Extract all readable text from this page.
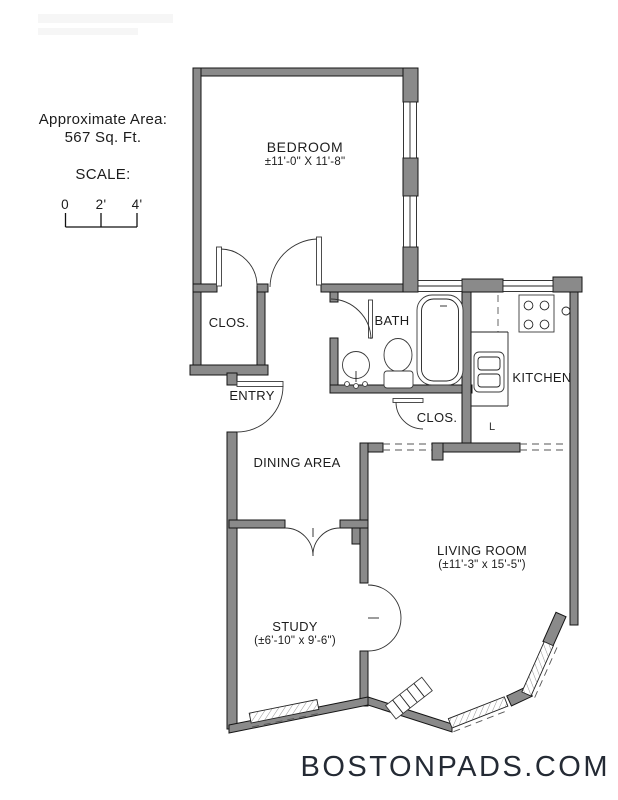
L
Approximate Area:
567 Sq. Ft.
SCALE:
0 2' 4'
BEDROOM
±11'-0" X 11'-8"
CLOS.	BATH
ENTRY
KITCHEN
CLOS.
DINING AREA
LIVING ROOM
(±11'-3" x 15'-5")
STUDY
(±6'-10" x 9'-6")
BOSTONPADS.COM
